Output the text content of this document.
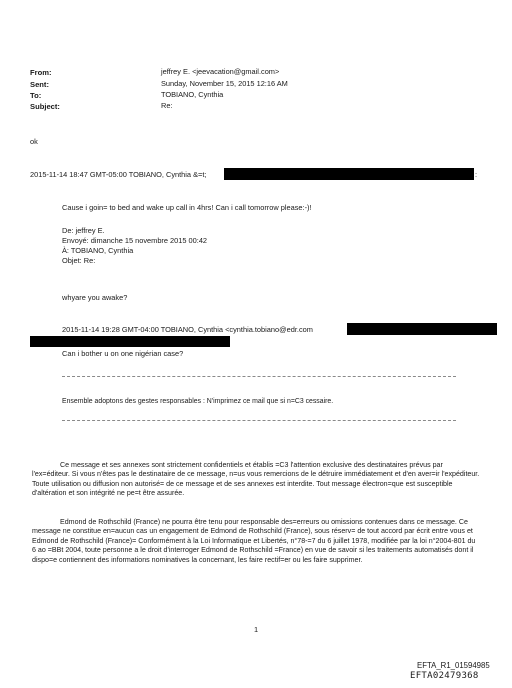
From:	jeffrey E. <jeevacation@gmail.com>
Sent:	Sunday, November 15, 2015 12:16 AM
To:	TOBIANO, Cynthia
Subject:	Re:
ok
2015-11-14 18:47 GMT-05:00 TOBIANO, Cynthia &=t;	:
Cause i goin= to bed and wake up call in 4hrs! Can i call tomorrow please:-)!
De: jeffrey E.
Envoyé: dimanche 15 novembre 2015 00:42
À: TOBIANO, Cynthia
Objet: Re:
whyare you awake?
2015-11-14 19:28 GMT-04:00 TOBIANO, Cynthia <cynthia.tobiano@edr.com
Can i bother u on one nigérian case?
Ensemble adoptons des gestes responsables : N'imprimez ce mail que si n=C3 cessaire.
Ce message et ses annexes sont strictement confidentiels et établis =C3 l'attention exclusive des destinataires prévus par l'ex=éditeur. Si vous n'êtes pas le destinataire de ce message, n=us vous remercions de le détruire immédiatement et d'en aver=ir l'expéditeur. Toute utilisation ou diffusion non autorisé= de ce message et de ses annexes est interdite. Tout message électron=que est susceptible d'altération et son intégrité ne pe=t être assurée.
Edmond de Rothschild (France) ne pourra être tenu pour responsable des=erreurs ou omissions contenues dans ce message. Ce message ne constitue en=aucun cas un engagement de Edmond de Rothschild (France), sous réserv= de tout accord par écrit entre vous et Edmond de Rothschild (France)= Conformément à la Loi Informatique et Libertés, n°78-=7 du 6 juillet 1978, modifiée par la loi n°2004-801 du 6 ao =BBt 2004, toute personne a le droit d'interroger Edmond de Rothschild =France) en vue de savoir si les traitements automatisés dont il dispo=e contiennent des informations nominatives la concernant, les faire rectif=er ou les faire supprimer.
1
EFTA_R1_01594985
EFTA02479368
